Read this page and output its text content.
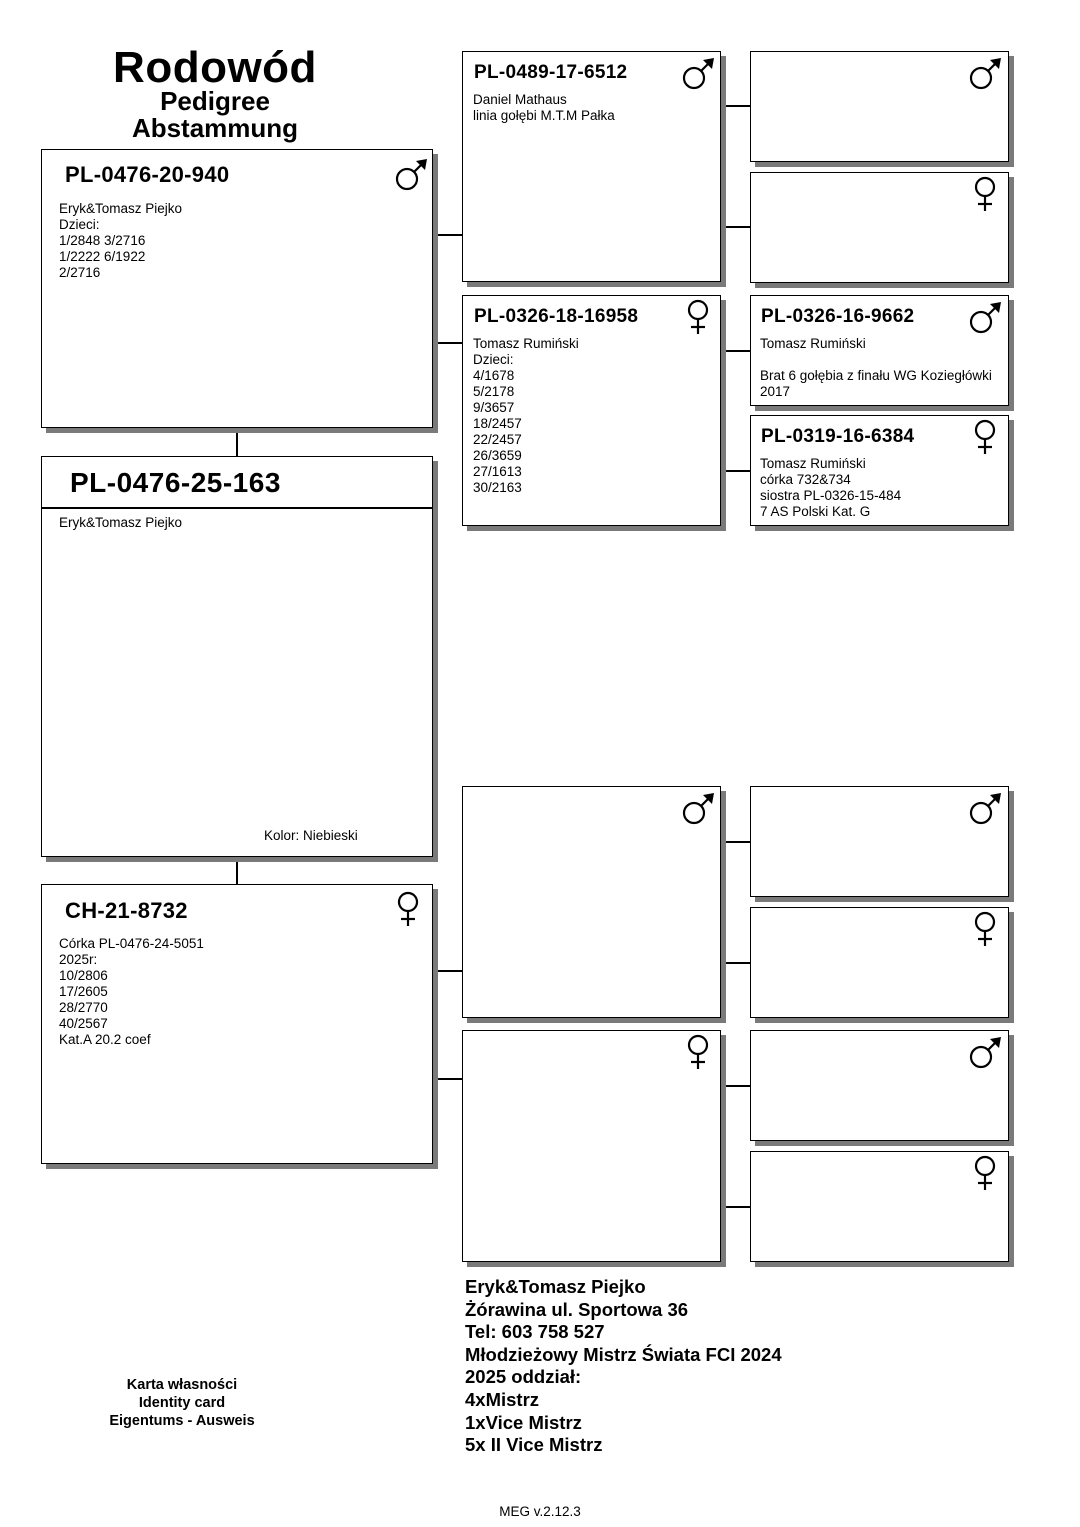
Rodowód
Pedigree
Abstammung
PL-0476-20-940
Eryk&Tomasz Piejko
Dzieci:
1/2848 3/2716
1/2222 6/1922
2/2716
PL-0476-25-163
Eryk&Tomasz Piejko
Kolor: Niebieski
CH-21-8732
Córka PL-0476-24-5051
2025r:
10/2806
17/2605
28/2770
40/2567
Kat.A 20.2 coef
PL-0489-17-6512
Daniel Mathaus
linia gołębi M.T.M Pałka
PL-0326-18-16958
Tomasz Rumiński
Dzieci:
4/1678
5/2178
9/3657
18/2457
22/2457
26/3659
27/1613
30/2163
PL-0326-16-9662
Tomasz Rumiński

Brat 6 gołębia z finału WG Koziegłówki
2017
PL-0319-16-6384
Tomasz Rumiński
córka 732&734
siostra PL-0326-15-484
7 AS Polski Kat. G
Eryk&Tomasz Piejko
Żórawina ul. Sportowa 36
Tel: 603 758 527
Młodzieżowy Mistrz Świata FCI 2024
2025 oddział:
4xMistrz
1xVice Mistrz
5x II Vice Mistrz
Karta własności
Identity card
Eigentums - Ausweis
MEG v.2.12.3
